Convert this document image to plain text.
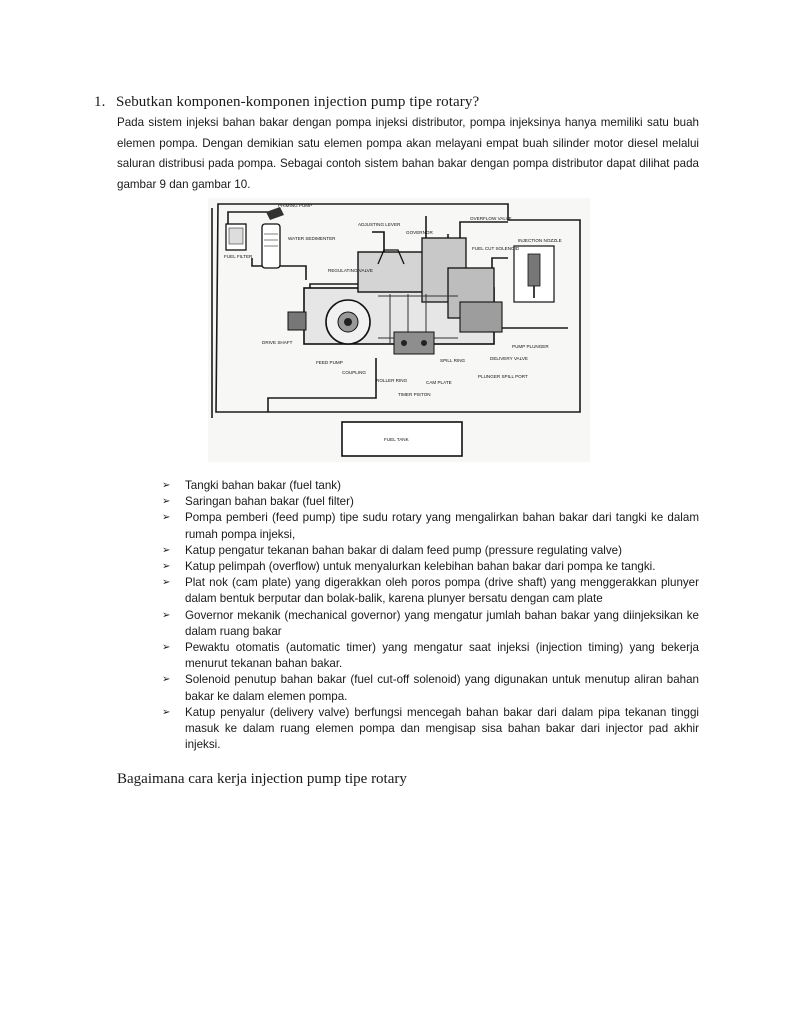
1. Sebutkan komponen-komponen injection pump tipe rotary?
Pada sistem injeksi bahan bakar dengan pompa injeksi distributor, pompa injeksinya hanya memiliki satu buah elemen pompa. Dengan demikian satu elemen pompa akan melayani empat buah silinder motor diesel melalui saluran distribusi pada pompa. Sebagai contoh sistem bahan bakar dengan pompa distributor dapat dilihat pada gambar 9 dan gambar 10.
PRIMING PUMP
FUEL FILTER
WATER SEDIMENTER
ADJUSTING LEVER
GOVERNOR
OVERFLOW VALVE
FUEL CUT SOLENOID
INJECTION NOZZLE
REGULATING VALVE
DRIVE SHAFT
FEED PUMP
COUPLING
ROLLER RING
SPILL RING
CAM PLATE
TIMER PISTON
PUMP PLUNGER
DELIVERY VALVE
PLUNGER SPILL PORT
FUEL TANK
➢ Tangki bahan bakar (fuel tank)
➢ Saringan bahan bakar (fuel filter)
➢ Pompa pemberi (feed pump) tipe sudu rotary yang mengalirkan bahan bakar dari tangki ke dalam rumah pompa injeksi,
➢ Katup pengatur tekanan bahan bakar di dalam feed pump (pressure regulating valve)
➢ Katup pelimpah (overflow) untuk menyalurkan kelebihan bahan bakar dari pompa ke tangki.
➢ Plat nok (cam plate) yang digerakkan oleh poros pompa (drive shaft) yang menggerakkan plunyer dalam bentuk berputar dan bolak-balik, karena plunyer bersatu dengan cam plate
➢ Governor mekanik (mechanical governor) yang mengatur jumlah bahan bakar yang diinjeksikan ke dalam ruang bakar
➢ Pewaktu otomatis (automatic timer) yang mengatur saat injeksi (injection timing) yang bekerja menurut tekanan bahan bakar.
➢ Solenoid penutup bahan bakar (fuel cut-off solenoid) yang digunakan untuk menutup aliran bahan bakar ke dalam elemen pompa.
➢ Katup penyalur (delivery valve) berfungsi mencegah bahan bakar dari dalam pipa tekanan tinggi masuk ke dalam ruang elemen pompa dan mengisap sisa bahan bakar dari injector pad akhir injeksi.
Bagaimana cara kerja injection pump tipe rotary
